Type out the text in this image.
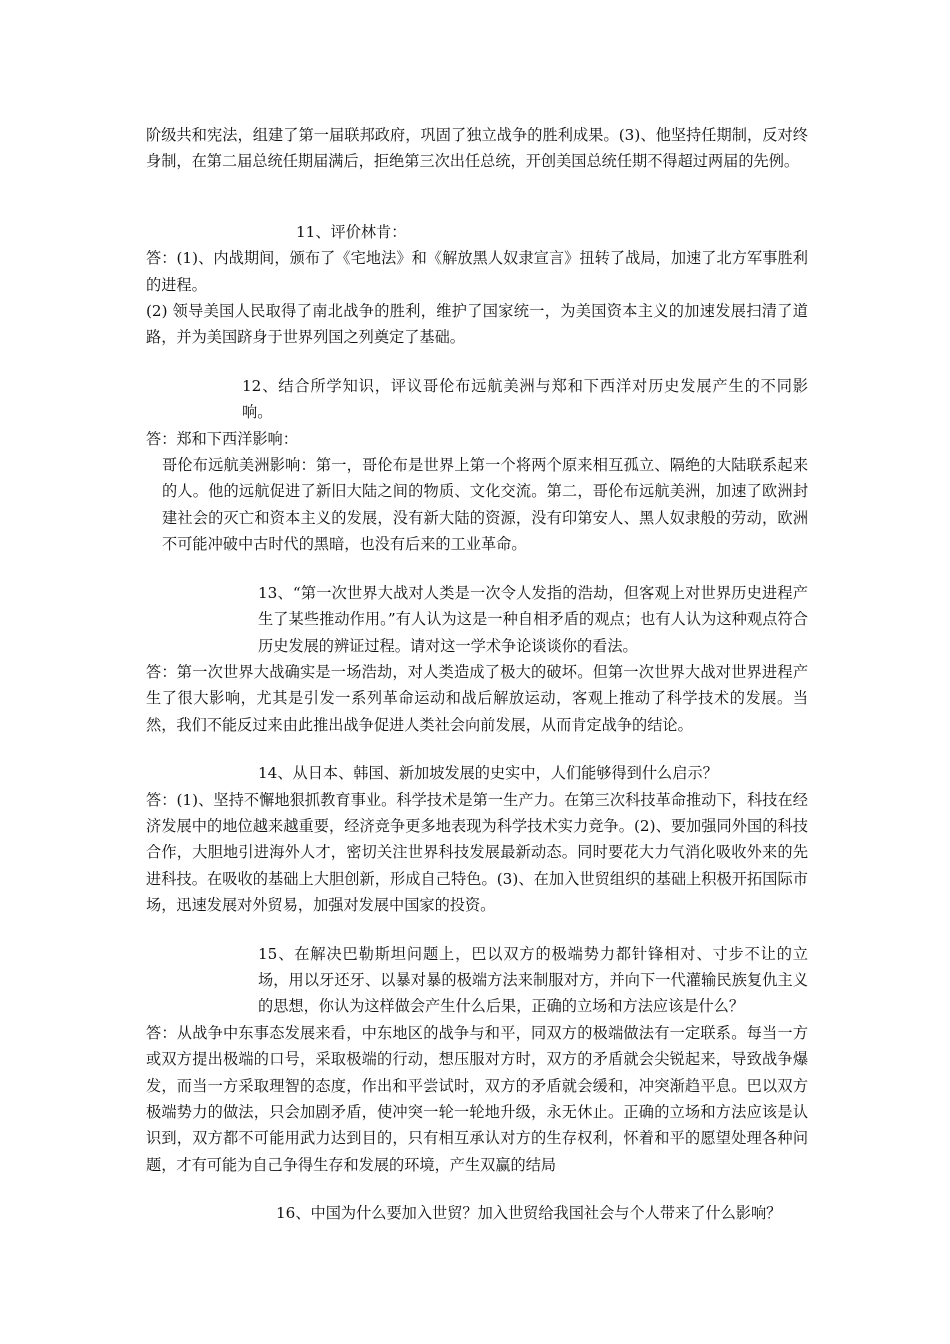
阶级共和宪法，组建了第一届联邦政府，巩固了独立战争的胜利成果。(3)、他坚持任期制，反对终身制，在第二届总统任期届满后，拒绝第三次出任总统，开创美国总统任期不得超过两届的先例。

11、评价林肯：

答：(1)、内战期间，颁布了《宅地法》和《解放黑人奴隶宣言》扭转了战局，加速了北方军事胜利的进程。

(2) 领导美国人民取得了南北战争的胜利，维护了国家统一，为美国资本主义的加速发展扫清了道路，并为美国跻身于世界列国之列奠定了基础。

12、结合所学知识，评议哥伦布远航美洲与郑和下西洋对历史发展产生的不同影响。

答：郑和下西洋影响：

哥伦布远航美洲影响：第一，哥伦布是世界上第一个将两个原来相互孤立、隔绝的大陆联系起来的人。他的远航促进了新旧大陆之间的物质、文化交流。第二，哥伦布远航美洲，加速了欧洲封建社会的灭亡和资本主义的发展，没有新大陆的资源，没有印第安人、黑人奴隶般的劳动，欧洲不可能冲破中古时代的黑暗，也没有后来的工业革命。

13、“第一次世界大战对人类是一次令人发指的浩劫，但客观上对世界历史进程产生了某些推动作用。”有人认为这是一种自相矛盾的观点；也有人认为这种观点符合历史发展的辨证过程。请对这一学术争论谈谈你的看法。

答：第一次世界大战确实是一场浩劫，对人类造成了极大的破坏。但第一次世界大战对世界进程产生了很大影响，尤其是引发一系列革命运动和战后解放运动，客观上推动了科学技术的发展。当然，我们不能反过来由此推出战争促进人类社会向前发展，从而肯定战争的结论。

14、从日本、韩国、新加坡发展的史实中，人们能够得到什么启示？

答：(1)、坚持不懈地狠抓教育事业。科学技术是第一生产力。在第三次科技革命推动下，科技在经济发展中的地位越来越重要，经济竞争更多地表现为科学技术实力竞争。(2)、要加强同外国的科技合作，大胆地引进海外人才，密切关注世界科技发展最新动态。同时要花大力气消化吸收外来的先进科技。在吸收的基础上大胆创新，形成自己特色。(3)、在加入世贸组织的基础上积极开拓国际市场，迅速发展对外贸易，加强对发展中国家的投资。

15、在解决巴勒斯坦问题上，巴以双方的极端势力都针锋相对、寸步不让的立场，用以牙还牙、以暴对暴的极端方法来制服对方，并向下一代灌输民族复仇主义的思想，你认为这样做会产生什么后果，正确的立场和方法应该是什么？

答：从战争中东事态发展来看，中东地区的战争与和平，同双方的极端做法有一定联系。每当一方或双方提出极端的口号，采取极端的行动，想压服对方时，双方的矛盾就会尖锐起来，导致战争爆发，而当一方采取理智的态度，作出和平尝试时，双方的矛盾就会缓和，冲突渐趋平息。巴以双方极端势力的做法，只会加剧矛盾，使冲突一轮一轮地升级，永无休止。正确的立场和方法应该是认识到，双方都不可能用武力达到目的，只有相互承认对方的生存权利，怀着和平的愿望处理各种问题，才有可能为自己争得生存和发展的环境，产生双赢的结局

16、中国为什么要加入世贸？加入世贸给我国社会与个人带来了什么影响？
